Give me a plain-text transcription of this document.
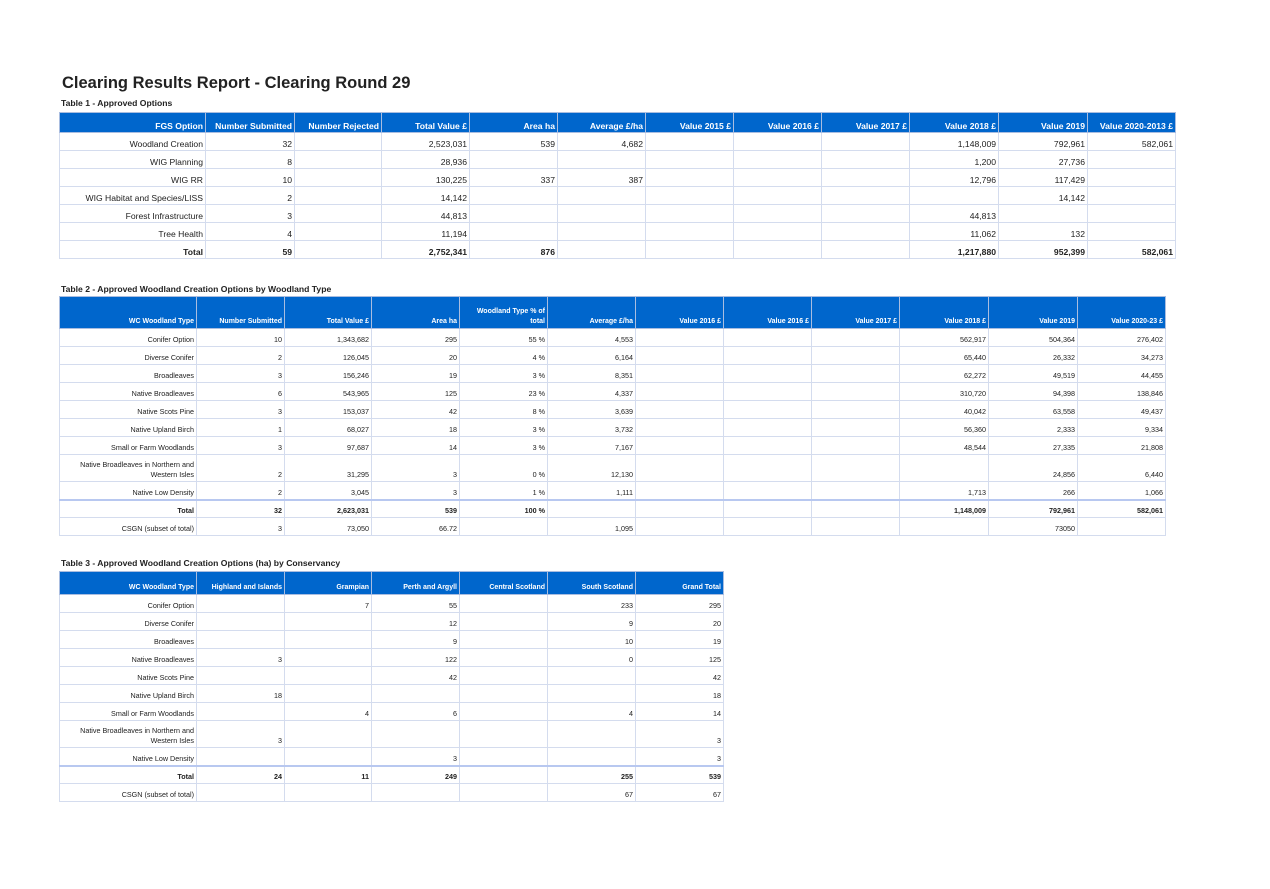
Clearing Results Report - Clearing Round 29
Table 1 - Approved Options
FGS Option	Number Submitted	Number Rejected	Total Value £	Area ha	Average £/ha	Value 2015 £	Value 2016 £	Value 2017 £	Value 2018 £	Value 2019	Value 2020-2013 £
Woodland Creation	32		2,523,031	539	4,682				1,148,009	792,961	582,061
WIG Planning	8		28,936						1,200	27,736	
WIG RR	10		130,225	337	387				12,796	117,429	
WIG Habitat and Species/LISS	2		14,142							14,142	
Forest Infrastructure	3		44,813						44,813		
Tree Health	4		11,194						11,062	132	
Total	59		2,752,341	876					1,217,880	952,399	582,061
Table 2 - Approved Woodland Creation Options by Woodland Type
WC Woodland Type	Number Submitted	Total Value £	Area ha	Woodland Type % of total	Average £/ha	Value 2016 £	Value 2016 £	Value 2017 £	Value 2018 £	Value 2019	Value 2020-23 £
Conifer Option	10	1,343,682	295	55 %	4,553				562,917	504,364	276,402
Diverse Conifer	2	126,045	20	4 %	6,164				65,440	26,332	34,273
Broadleaves	3	156,246	19	3 %	8,351				62,272	49,519	44,455
Native Broadleaves	6	543,965	125	23 %	4,337				310,720	94,398	138,846
Native Scots Pine	3	153,037	42	8 %	3,639				40,042	63,558	49,437
Native Upland Birch	1	68,027	18	3 %	3,732				56,360	2,333	9,334
Small or Farm Woodlands	3	97,687	14	3 %	7,167				48,544	27,335	21,808
Native Broadleaves in Northern and Western Isles	2	31,295	3	0 %	12,130					24,856	6,440
Native Low Density	2	3,045	3	1 %	1,111				1,713	266	1,066
Total	32	2,623,031	539	100 %					1,148,009	792,961	582,061
CSGN (subset of total)	3	73,050	66.72		1,095					73050	
Table 3 - Approved Woodland Creation Options (ha) by Conservancy
WC Woodland Type	Highland and Islands	Grampian	Perth and Argyll	Central Scotland	South Scotland	Grand Total
Conifer Option		7	55		233	295
Diverse Conifer			12		9	20
Broadleaves			9		10	19
Native Broadleaves	3		122		0	125
Native Scots Pine			42			42
Native Upland Birch	18					18
Small or Farm Woodlands		4	6		4	14
Native Broadleaves in Northern and Western Isles	3					3
Native Low Density			3			3
Total	24	11	249		255	539
CSGN (subset of total)					67	67
